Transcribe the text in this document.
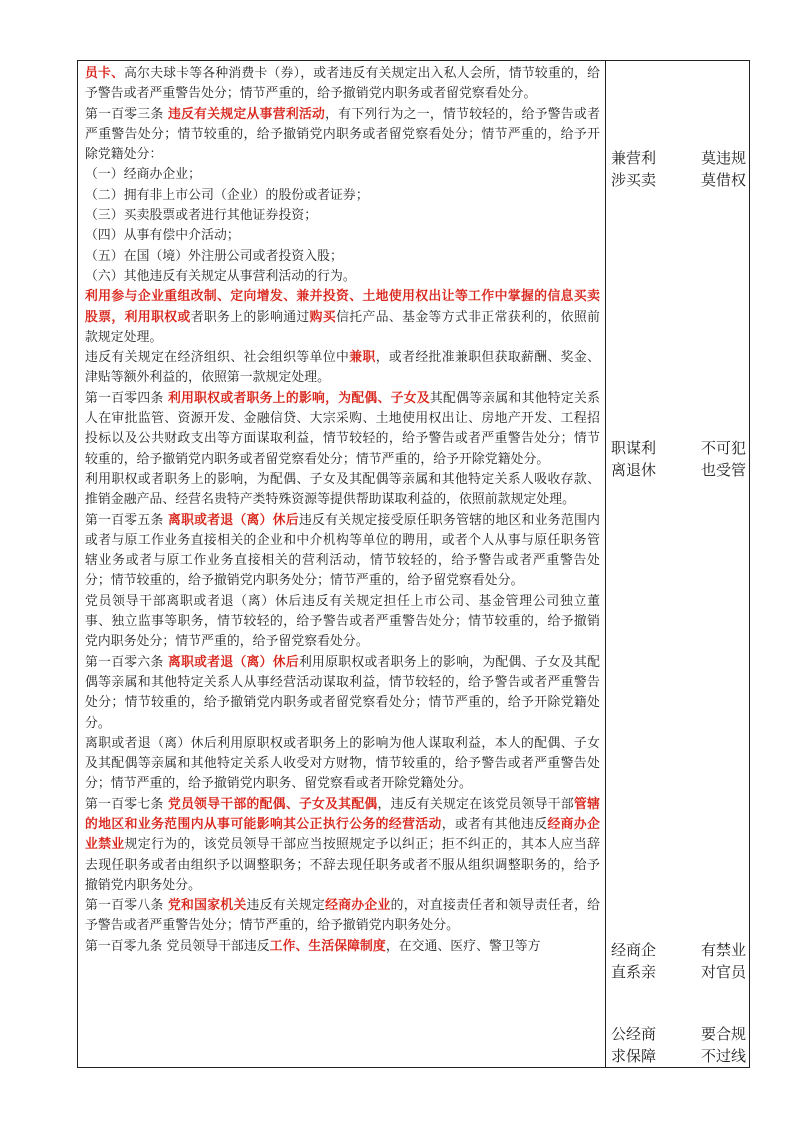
员卡、高尔夫球卡等各种消费卡（券），或者违反有关规定出入私人会所，情节较重的，给予警告或者严重警告处分；情节严重的，给予撤销党内职务或者留党察看处分。

第一百零三条 违反有关规定从事营利活动，有下列行为之一，情节较轻的，给予警告或者严重警告处分；情节较重的，给予撤销党内职务或者留党察看处分；情节严重的，给予开除党籍处分：

（一）经商办企业；

（二）拥有非上市公司（企业）的股份或者证券；

（三）买卖股票或者进行其他证券投资；

（四）从事有偿中介活动；

（五）在国（境）外注册公司或者投资入股；

（六）其他违反有关规定从事营利活动的行为。

利用参与企业重组改制、定向增发、兼并投资、土地使用权出让等工作中掌握的信息买卖股票，利用职权或者职务上的影响通过购买信托产品、基金等方式非正常获利的，依照前款规定处理。

违反有关规定在经济组织、社会组织等单位中兼职，或者经批准兼职但获取薪酬、奖金、津贴等额外利益的，依照第一款规定处理。

第一百零四条 利用职权或者职务上的影响，为配偶、子女及其配偶等亲属和其他特定关系人在审批监管、资源开发、金融信贷、大宗采购、土地使用权出让、房地产开发、工程招投标以及公共财政支出等方面谋取利益，情节较轻的，给予警告或者严重警告处分；情节较重的，给予撤销党内职务或者留党察看处分；情节严重的，给予开除党籍处分。

利用职权或者职务上的影响，为配偶、子女及其配偶等亲属和其他特定关系人吸收存款、推销金融产品、经营名贵特产类特殊资源等提供帮助谋取利益的，依照前款规定处理。

第一百零五条 离职或者退（离）休后违反有关规定接受原任职务管辖的地区和业务范围内或者与原工作业务直接相关的企业和中介机构等单位的聘用，或者个人从事与原任职务管辖业务或者与原工作业务直接相关的营利活动，情节较轻的，给予警告或者严重警告处分；情节较重的，给予撤销党内职务处分；情节严重的，给予留党察看处分。

党员领导干部离职或者退（离）休后违反有关规定担任上市公司、基金管理公司独立董事、独立监事等职务，情节较轻的，给予警告或者严重警告处分；情节较重的，给予撤销党内职务处分；情节严重的，给予留党察看处分。

第一百零六条 离职或者退（离）休后利用原职权或者职务上的影响，为配偶、子女及其配偶等亲属和其他特定关系人从事经营活动谋取利益，情节较轻的，给予警告或者严重警告处分；情节较重的，给予撤销党内职务或者留党察看处分；情节严重的，给予开除党籍处分。

离职或者退（离）休后利用原职权或者职务上的影响为他人谋取利益，本人的配偶、子女及其配偶等亲属和其他特定关系人收受对方财物，情节较重的，给予警告或者严重警告处分；情节严重的，给予撤销党内职务、留党察看或者开除党籍处分。

第一百零七条 党员领导干部的配偶、子女及其配偶，违反有关规定在该党员领导干部管辖的地区和业务范围内从事可能影响其公正执行公务的经营活动，或者有其他违反经商办企业禁业规定行为的，该党员领导干部应当按照规定予以纠正；拒不纠正的，其本人应当辞去现任职务或者由组织予以调整职务；不辞去现任职务或者不服从组织调整职务的，给予撤销党内职务处分。

第一百零八条 党和国家机关违反有关规定经商办企业的，对直接责任者和领导责任者，给予警告或者严重警告处分；情节严重的，给予撤销党内职务处分。

第一百零九条 党员领导干部违反工作、生活保障制度，在交通、医疗、警卫等方

兼营利	莫违规
涉买卖	莫借权
职谋利	不可犯
离退休	也受管
经商企	有禁业
直系亲	对官员
公经商	要合规
求保障	不过线
